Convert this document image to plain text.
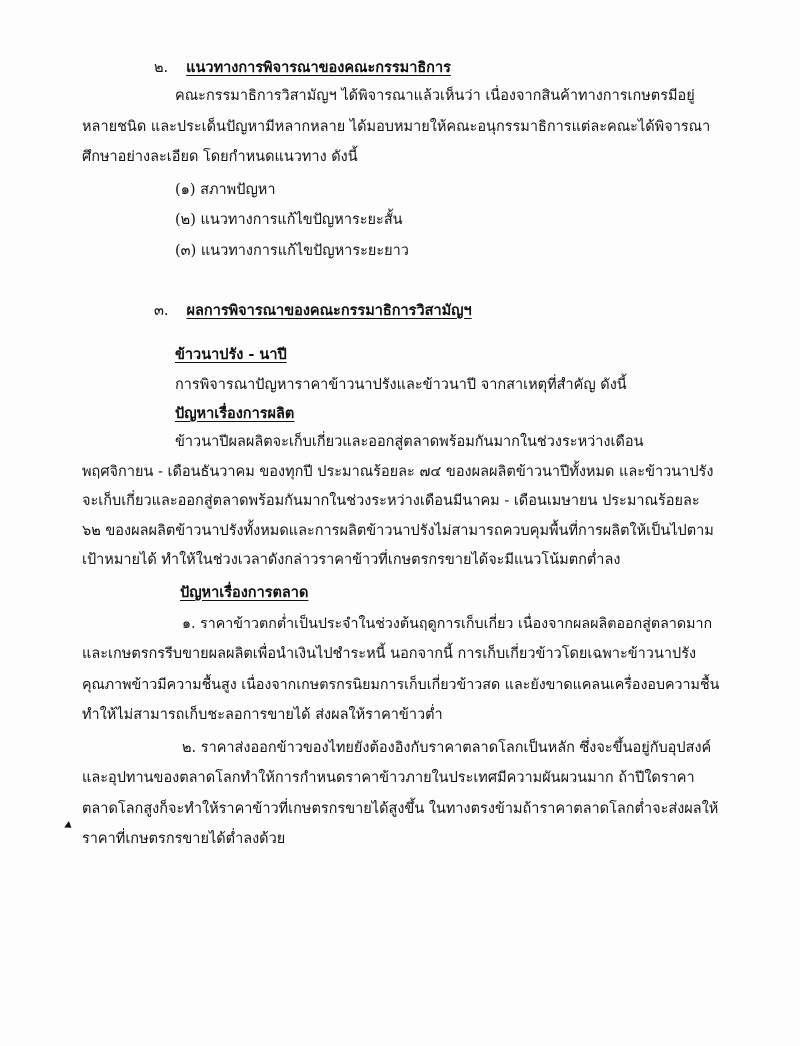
๒. แนวทางการพิจารณาของคณะกรรมาธิการ
คณะกรรมาธิการวิสามัญฯ ได้พิจารณาแล้วเห็นว่า เนื่องจากสินค้าทางการเกษตรมีอยู่
หลายชนิด และประเด็นปัญหามีหลากหลาย ได้มอบหมายให้คณะอนุกรรมาธิการแต่ละคณะได้พิจารณา
ศึกษาอย่างละเอียด โดยกำหนดแนวทาง ดังนี้
(๑) สภาพปัญหา
(๒) แนวทางการแก้ไขปัญหาระยะสั้น
(๓) แนวทางการแก้ไขปัญหาระยะยาว
๓. ผลการพิจารณาของคณะกรรมาธิการวิสามัญฯ
ข้าวนาปรัง - นาปี
การพิจารณาปัญหาราคาข้าวนาปรังและข้าวนาปี จากสาเหตุที่สำคัญ ดังนี้
ปัญหาเรื่องการผลิต
ข้าวนาปีผลผลิตจะเก็บเกี่ยวและออกสู่ตลาดพร้อมกันมากในช่วงระหว่างเดือน
พฤศจิกายน - เดือนธันวาคม ของทุกปี ประมาณร้อยละ ๗๔ ของผลผลิตข้าวนาปีทั้งหมด และข้าวนาปรัง
จะเก็บเกี่ยวและออกสู่ตลาดพร้อมกันมากในช่วงระหว่างเดือนมีนาคม - เดือนเมษายน ประมาณร้อยละ
๖๒ ของผลผลิตข้าวนาปรังทั้งหมดและการผลิตข้าวนาปรังไม่สามารถควบคุมพื้นที่การผลิตให้เป็นไปตาม
เป้าหมายได้ ทำให้ในช่วงเวลาดังกล่าวราคาข้าวที่เกษตรกรขายได้จะมีแนวโน้มตกต่ำลง
ปัญหาเรื่องการตลาด
๑. ราคาข้าวตกต่ำเป็นประจำในช่วงต้นฤดูการเก็บเกี่ยว เนื่องจากผลผลิตออกสู่ตลาดมาก
และเกษตรกรรีบขายผลผลิตเพื่อนำเงินไปชำระหนี้ นอกจากนี้ การเก็บเกี่ยวข้าวโดยเฉพาะข้าวนาปรัง
คุณภาพข้าวมีความชื้นสูง เนื่องจากเกษตรกรนิยมการเก็บเกี่ยวข้าวสด และยังขาดแคลนเครื่องอบความชื้น
ทำให้ไม่สามารถเก็บชะลอการขายได้ ส่งผลให้ราคาข้าวต่ำ
๒. ราคาส่งออกข้าวของไทยยังต้องอิงกับราคาตลาดโลกเป็นหลัก ซึ่งจะขึ้นอยู่กับอุปสงค์
และอุปทานของตลาดโลกทำให้การกำหนดราคาข้าวภายในประเทศมีความผันผวนมาก ถ้าปีใดราคา
ตลาดโลกสูงก็จะทำให้ราคาข้าวที่เกษตรกรขายได้สูงขึ้น ในทางตรงข้ามถ้าราคาตลาดโลกต่ำจะส่งผลให้
ราคาที่เกษตรกรขายได้ต่ำลงด้วย
